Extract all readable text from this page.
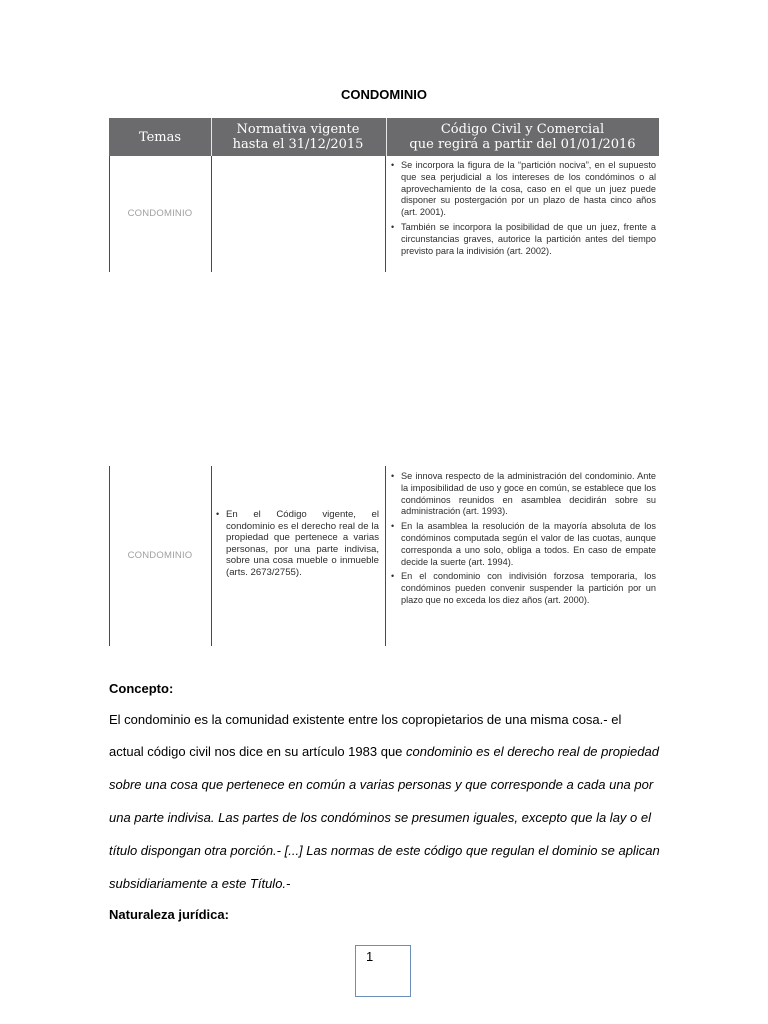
CONDOMINIO
Temas	Normativa vigente
hasta el 31/12/2015
Código Civil y Comercial
que regirá a partir del 01/01/2016
CONDOMINIO
• Se incorpora la figura de la “partición nociva”, en el supuesto que sea perjudicial a los intereses de los condóminos o al aprovechamiento de la cosa, caso en el que un juez puede disponer su postergación por un plazo de hasta cinco años (art. 2001).
• También se incorpora la posibilidad de que un juez, frente a circunstancias graves, autorice la partición antes del tiempo previsto para la indivisión (art. 2002).
CONDOMINIO
• En el Código vigente, el condominio es el derecho real de la propiedad que pertenece a varias personas, por una parte indivisa, sobre una cosa mueble o inmueble (arts. 2673/2755).
• Se innova respecto de la administración del condominio. Ante la imposibilidad de uso y goce en común, se establece que los condóminos reunidos en asamblea decidirán sobre su administración (art. 1993).
• En la asamblea la resolución de la mayoría absoluta de los condóminos computada según el valor de las cuotas, aunque corresponda a uno solo, obliga a todos. En caso de empate decide la suerte (art. 1994).
• En el condominio con indivisión forzosa temporaria, los condóminos pueden convenir suspender la partición por un plazo que no exceda los diez años (art. 2000).
Concepto:
El condominio es la comunidad existente entre los copropietarios de una misma cosa.- el
actual código civil nos dice en su artículo 1983 que condominio es el derecho real de propiedad
sobre una cosa que pertenece en común a varias personas y que corresponde a cada una por
una parte indivisa. Las partes de los condóminos se presumen iguales, excepto que la lay o el
título dispongan otra porción.- [...] Las normas de este código que regulan el dominio se aplican
subsidiariamente a este Título.-
Naturaleza jurídica:
1
